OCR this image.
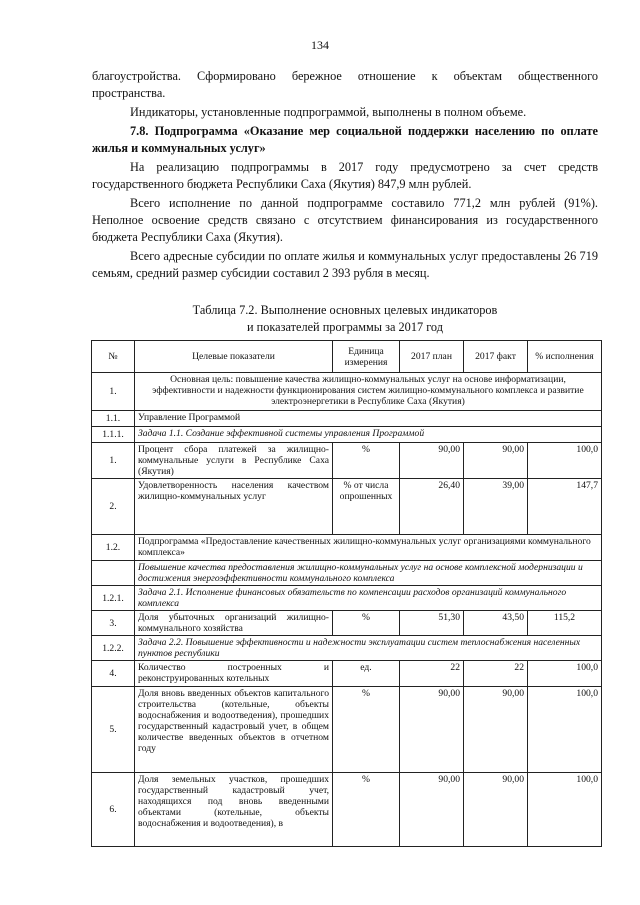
134

благоустройства. Сформировано бережное отношение к объектам общественного

пространства.

Индикаторы, установленные подпрограммой, выполнены в полном объеме.

7.8. Подпрограмма «Оказание мер социальной поддержки населению по оплате жилья и коммунальных услуг»

На реализацию подпрограммы в 2017 году предусмотрено за счет средств государственного бюджета Республики Саха (Якутия) 847,9 млн рублей.

Всего исполнение по данной подпрограмме составило 771,2 млн рублей (91%). Неполное освоение средств связано с отсутствием финансирования из государственного бюджета Республики Саха (Якутия).

Всего адресные субсидии по оплате жилья и коммунальных услуг предоставлены 26 719 семьям, средний размер субсидии составил 2 393 рубля в месяц.

Таблица 7.2. Выполнение основных целевых индикаторов
и показателей программы за 2017 год
№	Целевые показатели	Единица измерения	2017 план	2017 факт	% исполнения
1.	Основная цель: повышение качества жилищно-коммунальных услуг на основе информатизации, эффективности и надежности функционирования систем жилищно-коммунального комплекса и развитие электроэнергетики в Республике Саха (Якутия)				
1.1.	Управление Программой				
1.1.1.	Задача 1.1. Создание эффективной системы управления Программой				
1.	Процент сбора платежей за жилищно-коммунальные услуги в Республике Саха (Якутия)	%	90,00	90,00	100,0
2.	Удовлетворенность населения качеством жилищно-коммунальных услуг	% от числа опрошенных	26,40	39,00	147,7
1.2.	Подпрограмма «Предоставление качественных жилищно-коммунальных услуг организациями коммунального комплекса»				
	Повышение качества предоставления жилищно-коммунальных услуг на основе комплексной модернизации и достижения энергоэффективности коммунального комплекса				
1.2.1.	Задача 2.1. Исполнение финансовых обязательств по компенсации расходов организаций коммунального комплекса				
3.	Доля убыточных организаций жилищно-коммунального хозяйства	%	51,30	43,50	115,2
1.2.2.	Задача 2.2. Повышение эффективности и надежности эксплуатации систем теплоснабжения населенных пунктов республики				
4.	Количество построенных и реконструированных котельных	ед.	22	22	100,0
5.	Доля вновь введенных объектов капитального строительства (котельные, объекты водоснабжения и водоотведения), прошедших государственный кадастровый учет, в общем количестве введенных объектов в отчетном году	%	90,00	90,00	100,0
6.	Доля земельных участков, прошедших государственный кадастровый учет, находящихся под вновь введенными объектами (котельные, объекты водоснабжения и водоотведения), в	%	90,00	90,00	100,0
